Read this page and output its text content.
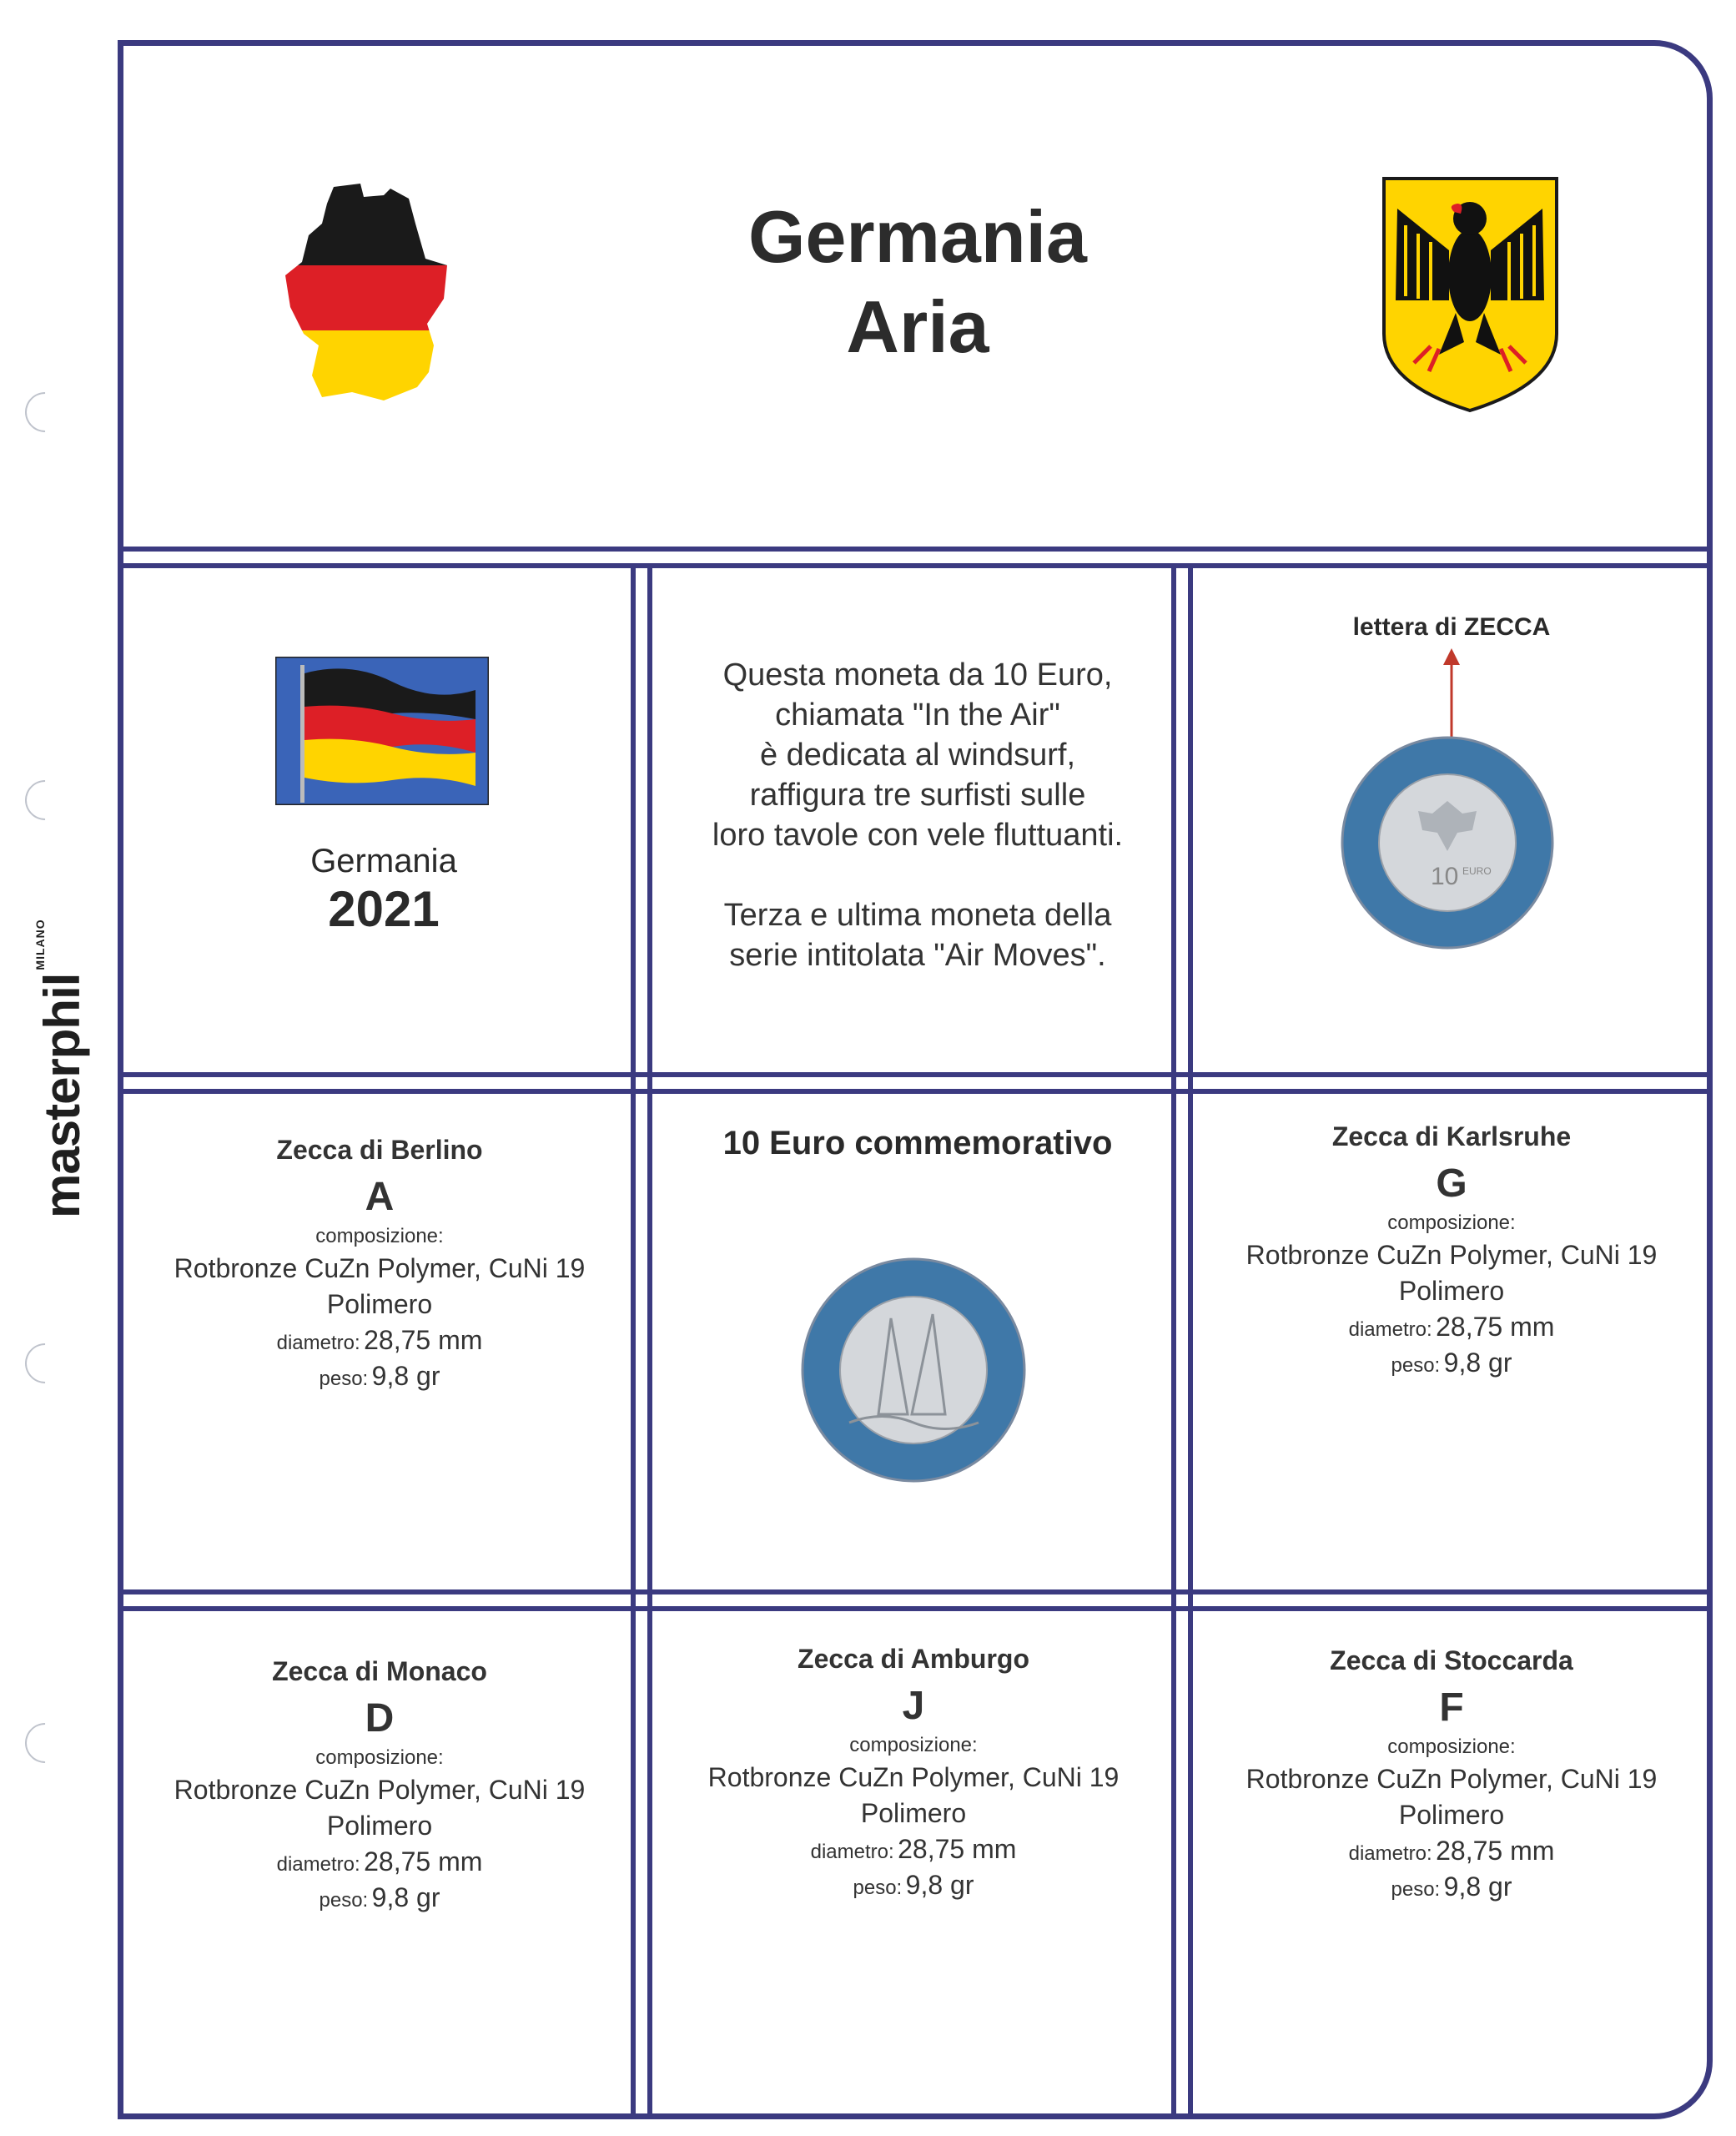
masterphil$^{MILANO}$
Germania
Aria
Germania
2021

Questa moneta da 10 Euro,

chiamata "In the Air"

è dedicata al windsurf,

raffigura tre surfisti sulle

loro tavole con vele fluttuanti.

Terza e ultima moneta della

serie intitolata "Air Moves".

lettera di ZECCA
10 EURO
Zecca di Berlino
A
composizione:
Rotbronze CuZn Polymer, CuNi 19
Polimero
diametro: 28,75 mm
peso: 9,8 gr
10 Euro commemorativo	Zecca di Karlsruhe
G
composizione:
Rotbronze CuZn Polymer, CuNi 19
Polimero
diametro: 28,75 mm
peso: 9,8 gr
Zecca di Monaco
D
composizione:
Rotbronze CuZn Polymer, CuNi 19
Polimero
diametro: 28,75 mm
peso: 9,8 gr
Zecca di Amburgo
J
composizione:
Rotbronze CuZn Polymer, CuNi 19
Polimero
diametro: 28,75 mm
peso: 9,8 gr
Zecca di Stoccarda
F
composizione:
Rotbronze CuZn Polymer, CuNi 19
Polimero
diametro: 28,75 mm
peso: 9,8 gr
